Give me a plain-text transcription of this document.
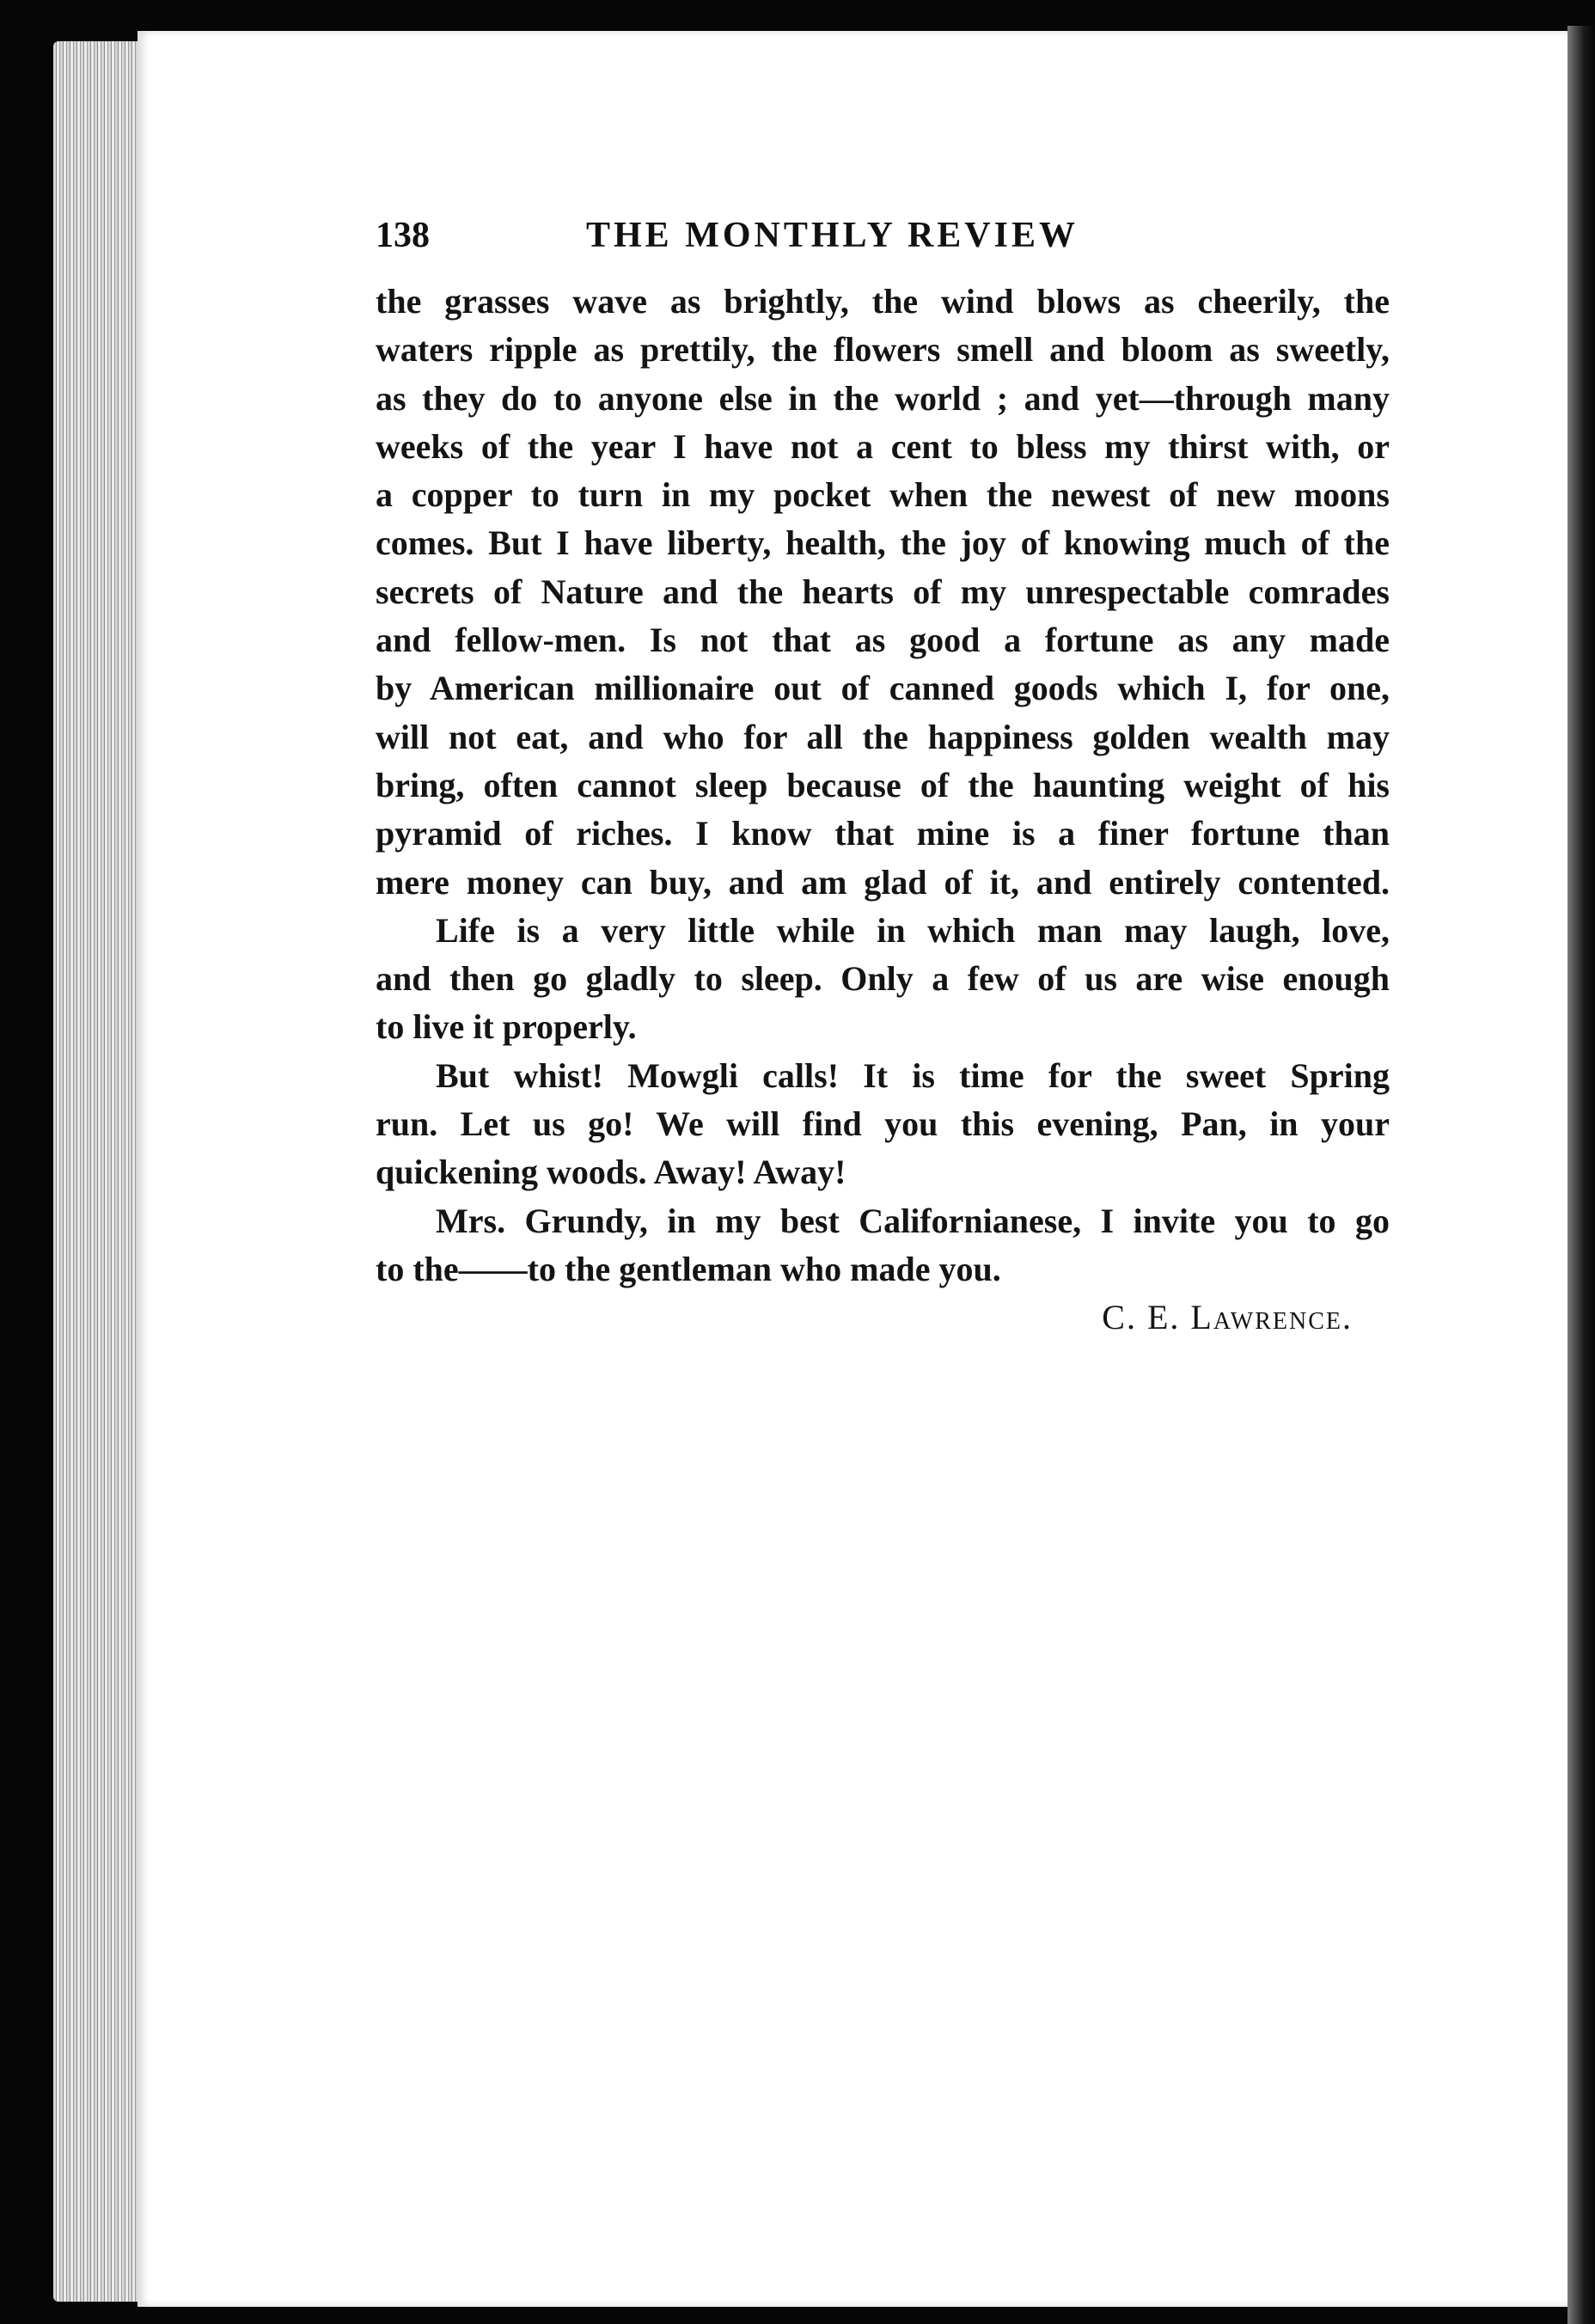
138	THE MONTHLY REVIEW
the grasses wave as brightly, the wind blows as cheerily, the
waters ripple as prettily, the flowers smell and bloom as sweetly,
as they do to anyone else in the world ; and yet—through many
weeks of the year I have not a cent to bless my thirst with, or
a copper to turn in my pocket when the newest of new moons
comes. But I have liberty, health, the joy of knowing much of the
secrets of Nature and the hearts of my unrespectable comrades
and fellow-men. Is not that as good a fortune as any made
by American millionaire out of canned goods which I, for one,
will not eat, and who for all the happiness golden wealth may
bring, often cannot sleep because of the haunting weight of his
pyramid of riches. I know that mine is a finer fortune than
mere money can buy, and am glad of it, and entirely contented.
Life is a very little while in which man may laugh, love,
and then go gladly to sleep. Only a few of us are wise enough
to live it properly.
But whist! Mowgli calls! It is time for the sweet Spring
run. Let us go! We will find you this evening, Pan, in your
quickening woods. Away! Away!
Mrs. Grundy, in my best Californianese, I invite you to go
to the——to the gentleman who made you.
C. E. Lawrence.
